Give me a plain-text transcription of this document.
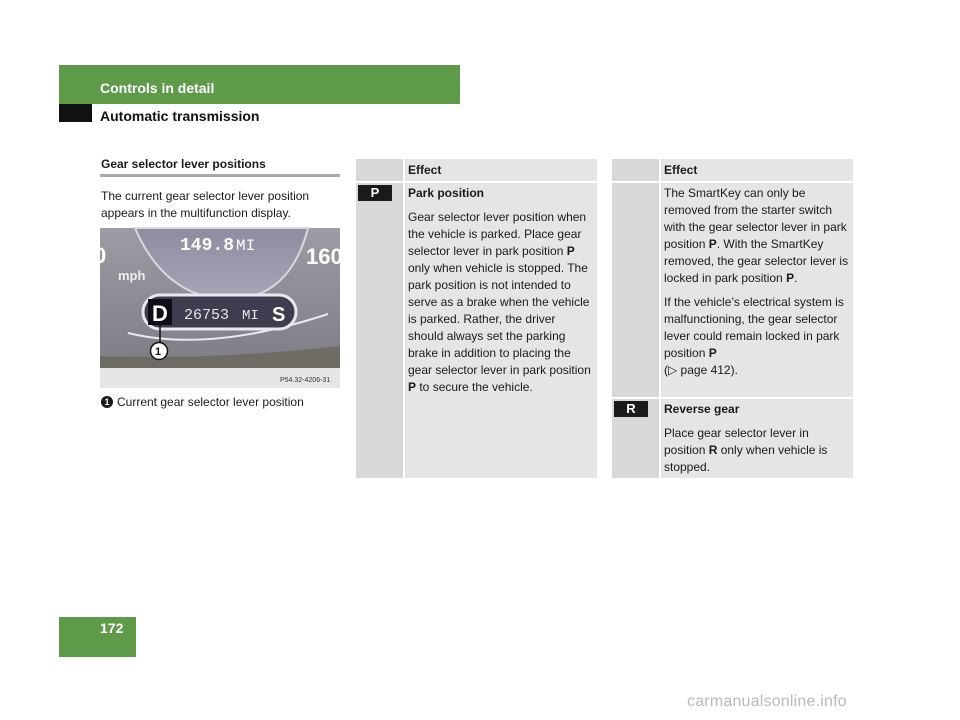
Controls in detail
Automatic transmission
Gear selector lever positions
The current gear selector lever position appears in the multifunction display.
149.8 MI
0	160
mph
D 26753 MI S
1
P54.32-4206-31
1 Current gear selector lever position
Effect
P	Park position

Gear selector lever position when the vehicle is parked. Place gear selector lever in park position P only when vehicle is stopped. The park position is not intended to serve as a brake when the vehicle is parked. Rather, the driver should always set the parking brake in addition to placing the gear selector lever in park position P to secure the vehicle.

Effect

The SmartKey can only be removed from the starter switch with the gear selector lever in park position P. With the SmartKey removed, the gear selector lever is locked in park position P.

If the vehicle’s electrical system is malfunctioning, the gear selector lever could remain locked in park position P
(▷ page 412).

R	Reverse gear

Place gear selector lever in position R only when vehicle is stopped.

172
carmanualsonline.info
